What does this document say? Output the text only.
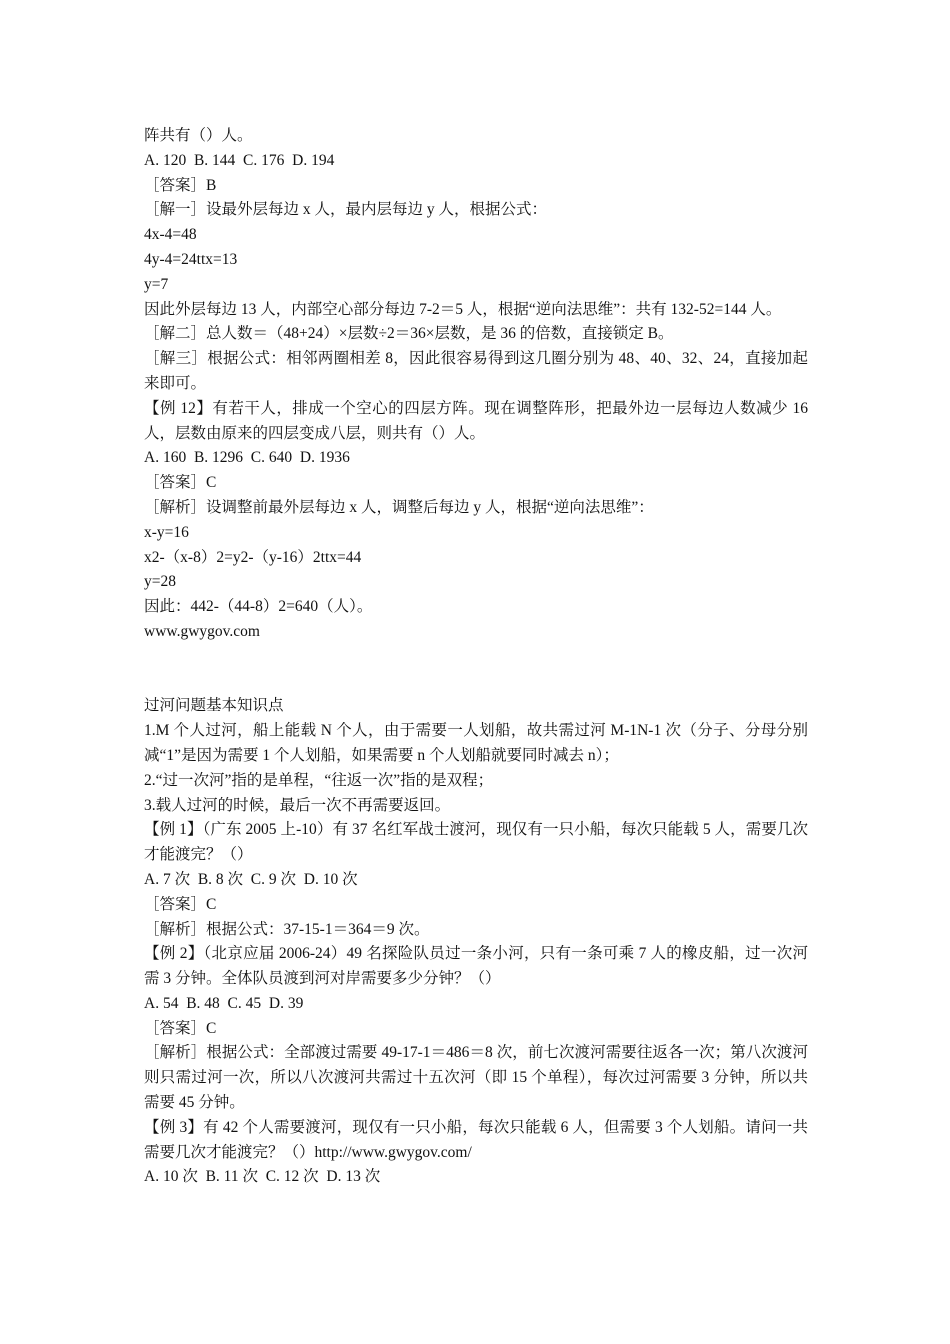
阵共有（）人。
A. 120  B. 144  C. 176  D. 194
［答案］B
［解一］设最外层每边 x 人，最内层每边 y 人，根据公式：
4x-4=48
4y-4=24ttx=13
y=7
因此外层每边 13 人，内部空心部分每边 7-2＝5 人，根据“逆向法思维”：共有 132-52=144 人。
［解二］总人数＝（48+24）×层数÷2＝36×层数，是 36 的倍数，直接锁定 B。
［解三］根据公式：相邻两圈相差 8，因此很容易得到这几圈分别为 48、40、32、24，直接加起来即可。
【例 12】有若干人，排成一个空心的四层方阵。现在调整阵形，把最外边一层每边人数减少 16 人，层数由原来的四层变成八层，则共有（）人。
A. 160  B. 1296  C. 640  D. 1936
［答案］C
［解析］设调整前最外层每边 x 人，调整后每边 y 人，根据“逆向法思维”：
x-y=16
x2-（x-8）2=y2-（y-16）2ttx=44
y=28
因此：442-（44-8）2=640（人）。
www.gwygov.com
过河问题基本知识点
1.M 个人过河，船上能载 N 个人，由于需要一人划船，故共需过河 M-1N-1 次（分子、分母分别减“1”是因为需要 1 个人划船，如果需要 n 个人划船就要同时减去 n）；
2.“过一次河”指的是单程，“往返一次”指的是双程；
3.载人过河的时候，最后一次不再需要返回。
【例 1】（广东 2005 上-10）有 37 名红军战士渡河，现仅有一只小船，每次只能载 5 人，需要几次才能渡完？（）
A. 7 次  B. 8 次  C. 9 次  D. 10 次
［答案］C
［解析］根据公式：37-15-1＝364＝9 次。
【例 2】（北京应届 2006-24）49 名探险队员过一条小河，只有一条可乘 7 人的橡皮船，过一次河需 3 分钟。全体队员渡到河对岸需要多少分钟？（）
A. 54  B. 48  C. 45  D. 39
［答案］C
［解析］根据公式：全部渡过需要 49-17-1＝486＝8 次，前七次渡河需要往返各一次；第八次渡河则只需过河一次，所以八次渡河共需过十五次河（即 15 个单程），每次过河需要 3 分钟，所以共需要 45 分钟。
【例 3】有 42 个人需要渡河，现仅有一只小船，每次只能载 6 人，但需要 3 个人划船。请问一共需要几次才能渡完？（）http://www.gwygov.com/
A. 10 次  B. 11 次  C. 12 次  D. 13 次
